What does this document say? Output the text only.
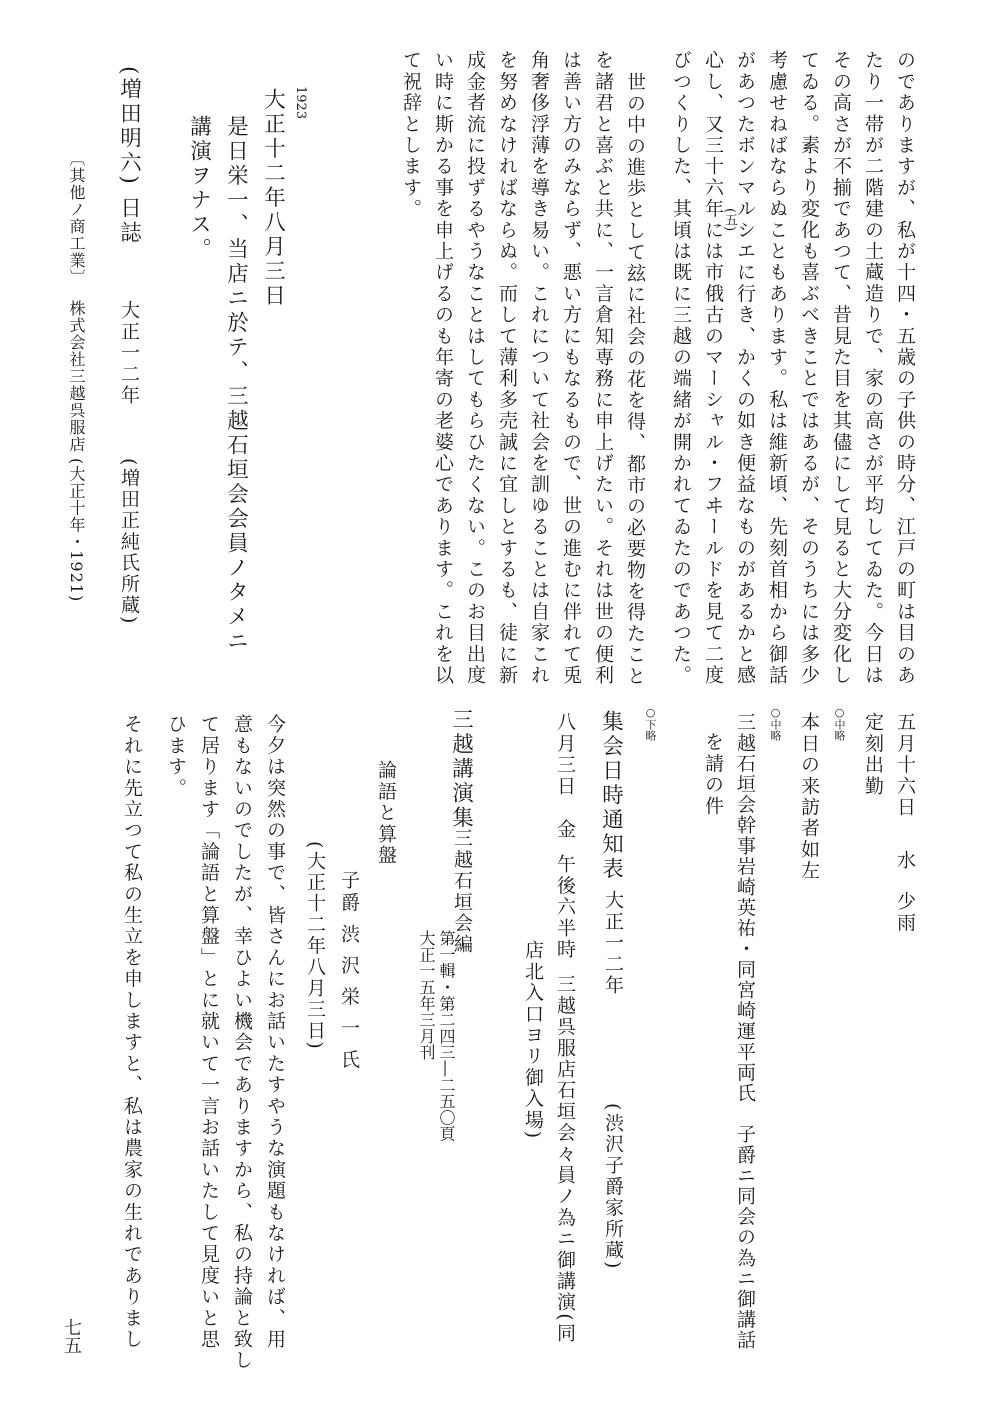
のでありますが、私が十四・五歳の子供の時分、江戸の町は目のあ
たり一帯が二階建の土蔵造りで、家の高さが平均してゐた。今日は
その高さが不揃であつて、昔見た目を其儘にして見ると大分変化し
てゐる。素より変化も喜ぶべきことではあるが、そのうちには多少
考慮せねばならぬこともあります。私は維新頃、先刻首相から御話
があつたボンマルシエに行き、かくの如き便益なものがあるかと感
(五)
心し、又三十六年には市俄古のマーシャル・フヰールドを見て二度
びつくりした、其頃は既に三越の端緒が開かれてゐたのであつた。
世の中の進歩として玆に社会の花を得、都市の必要物を得たこと
を諸君と喜ぶと共に、一言倉知専務に申上げたい。それは世の便利
は善い方のみならず、悪い方にもなるもので、世の進むに伴れて兎
角奢侈浮薄を導き易い。これについて社会を訓ゆることは自家これ
を努めなければならぬ。而して薄利多売誠に宜しとするも、徒に新
成金者流に投ずるやうなことはしてもらひたくない。このお目出度
い時に斯かる事を申上げるのも年寄の老婆心であります。これを以
て祝辞とします。
1923
大正十二年八月三日
是日栄一、当店ニ於テ、三越石垣会会員ノタメニ
講演ヲナス。
(増田明六) 日誌
大正一二年
(増田正純氏所蔵)
〔其他ノ商工業〕
株式会社三越呉服店
(大正十年・1921)
五月十六日水少雨
定刻出勤
○中略
本日の来訪者如左
○中略
三越石垣会幹事岩崎英祐・同宮崎運平両氏　子爵ニ同会の為ニ御講話
を請の件
○下略
集会日時通知表
大正一二年
(渋沢子爵家所蔵)
八月三日金午後六半時三越呉服店石垣会々員ノ為ニ御講演(同
店北入口ヨリ御入場)
三越講演集
三越石垣会編
第一輯・第二四三―二五〇頁
大正一五年三月刊
論語と算盤
子爵 渋 沢 栄 一 氏
(大正十二年八月三日)
今夕は突然の事で、皆さんにお話いたすやうな演題もなければ、用
意もないのでしたが、幸ひよい機会でありますから、私の持論と致し
て居ります「論語と算盤」とに就いて一言お話いたして見度いと思
ひます。
それに先立つて私の生立を申しますと、私は農家の生れでありまし
七五
